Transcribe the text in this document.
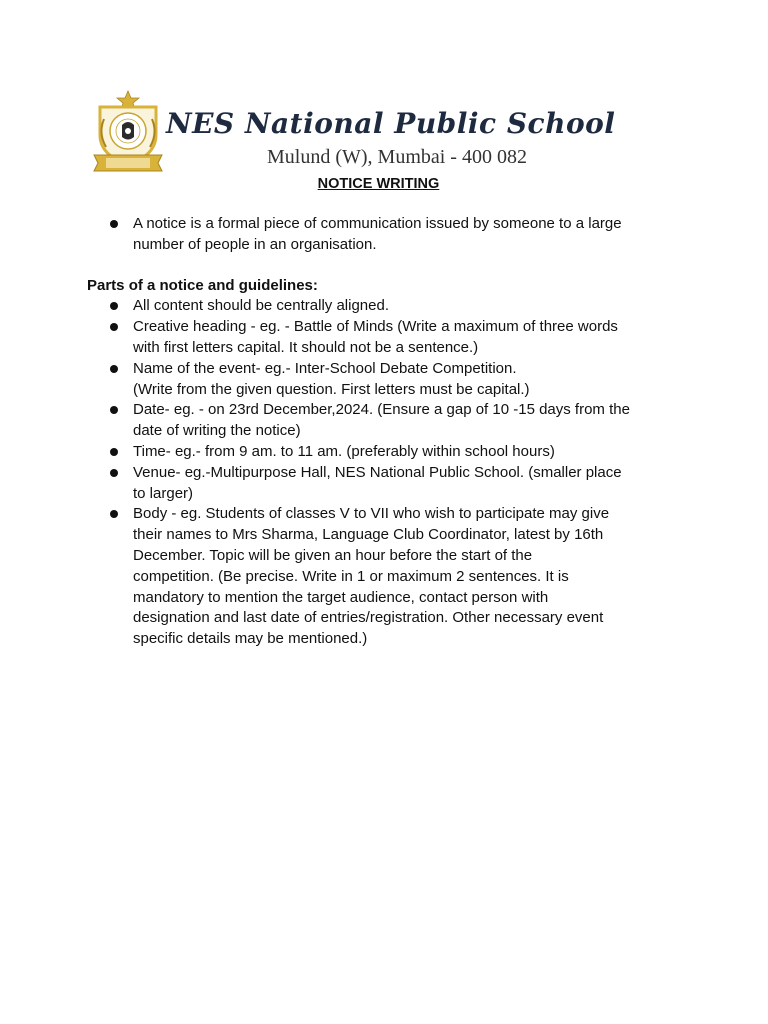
NES National Public School
Mulund (W), Mumbai - 400 082
NOTICE WRITING
A notice is a formal piece of communication issued by someone to a large
number of people in an organisation.
Parts of a notice and guidelines:
All content should be centrally aligned.
Creative heading - eg. - Battle of Minds (Write a maximum of three words
with first letters capital. It should not be a sentence.)
Name of the event- eg.- Inter-School Debate Competition.
(Write from the given question. First letters must be capital.)
Date- eg. - on 23rd December,2024. (Ensure a gap of 10 -15 days from the
date of writing the notice)
Time- eg.- from 9 am. to 11 am. (preferably within school hours)
Venue- eg.-Multipurpose Hall, NES National Public School. (smaller place
to larger)
Body - eg. Students of classes V to VII who wish to participate may give
their names to Mrs Sharma, Language Club Coordinator, latest by 16th
December. Topic will be given an hour before the start of the
competition. (Be precise. Write in 1 or maximum 2 sentences. It is
mandatory to mention the target audience, contact person with
designation and last date of entries/registration. Other necessary event
specific details may be mentioned.)
